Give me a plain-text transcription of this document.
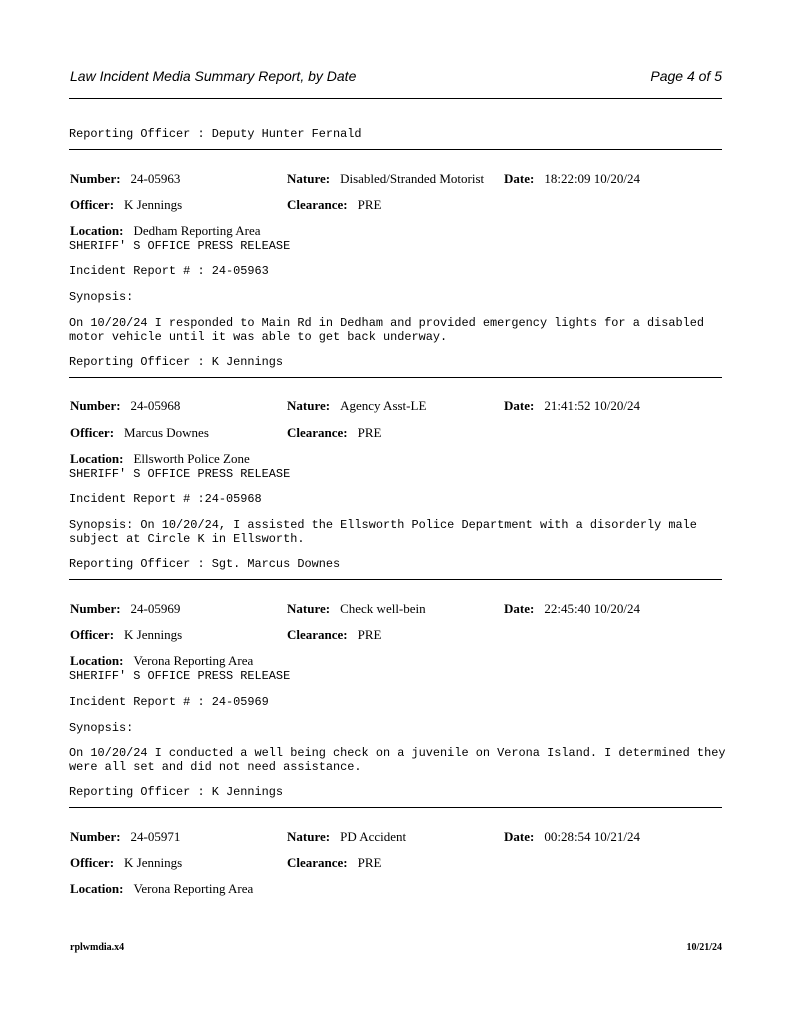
Law Incident Media Summary Report, by Date	Page 4 of 5
Reporting Officer : Deputy Hunter Fernald
Number: 24-05963	Nature: Disabled/Stranded Motorist Date: 18:22:09 10/20/24
Officer: K Jennings	Clearance: PRE
Location: Dedham Reporting Area
SHERIFF' S OFFICE PRESS RELEASE
Incident Report # : 24-05963
Synopsis:
On 10/20/24 I responded to Main Rd in Dedham and provided emergency lights for a disabled
motor vehicle until it was able to get back underway.
Reporting Officer : K Jennings
Number: 24-05968	Nature: Agency Asst-LE	Date: 21:41:52 10/20/24
Officer: Marcus Downes	Clearance: PRE
Location: Ellsworth Police Zone
SHERIFF' S OFFICE PRESS RELEASE
Incident Report # :24-05968
Synopsis: On 10/20/24, I assisted the Ellsworth Police Department with a disorderly male
subject at Circle K in Ellsworth.
Reporting Officer : Sgt. Marcus Downes
Number: 24-05969	Nature: Check well-bein	Date: 22:45:40 10/20/24
Officer: K Jennings	Clearance: PRE
Location: Verona Reporting Area
SHERIFF' S OFFICE PRESS RELEASE
Incident Report # : 24-05969
Synopsis:
On 10/20/24 I conducted a well being check on a juvenile on Verona Island. I determined they
were all set and did not need assistance.
Reporting Officer : K Jennings
Number: 24-05971	Nature: PD Accident	Date: 00:28:54 10/21/24
Officer: K Jennings	Clearance: PRE
Location: Verona Reporting Area
rplwmdia.x4	10/21/24
